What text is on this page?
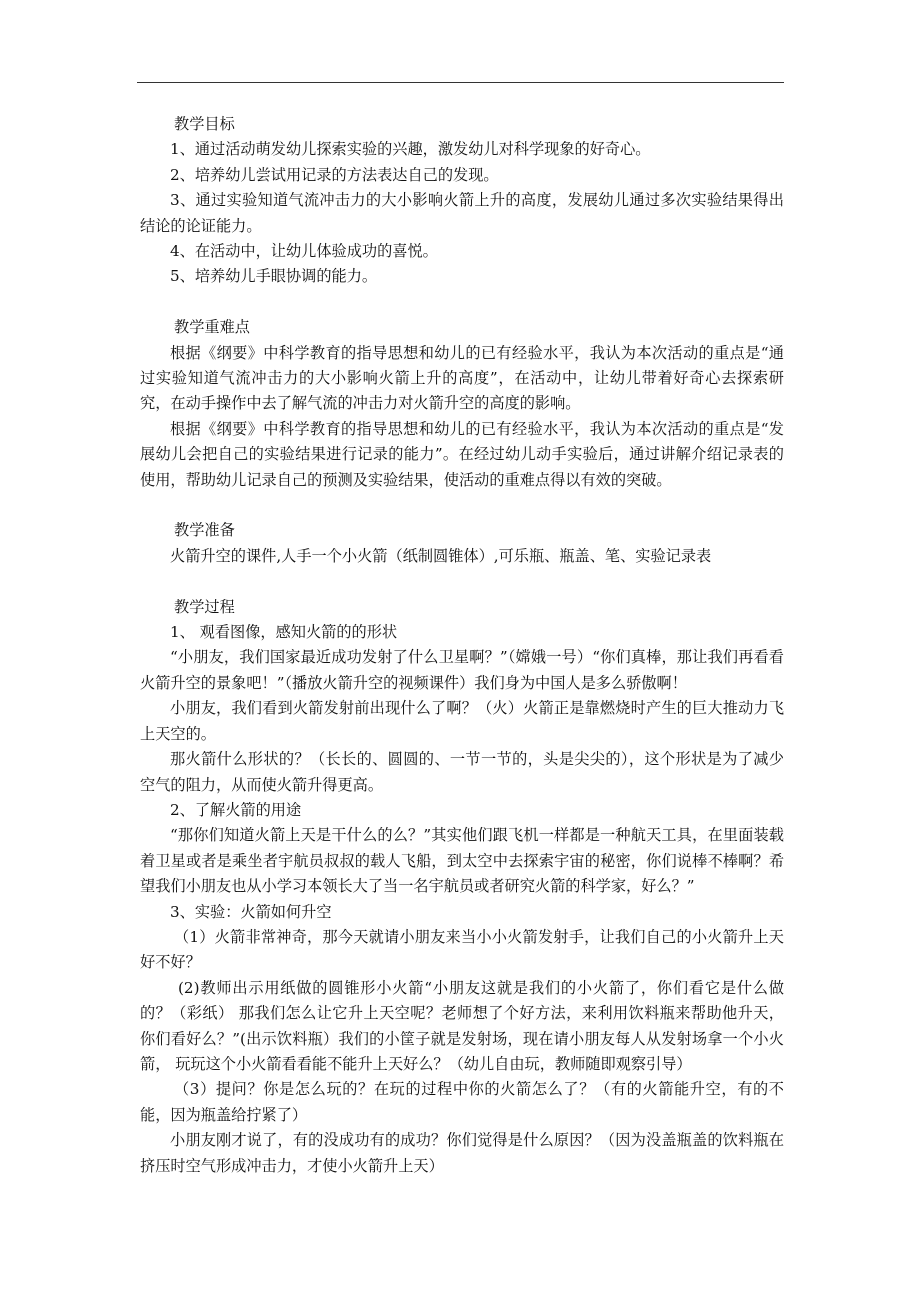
教学目标
1、通过活动萌发幼儿探索实验的兴趣，激发幼儿对科学现象的好奇心。
2、培养幼儿尝试用记录的方法表达自己的发现。
3、通过实验知道气流冲击力的大小影响火箭上升的高度，发展幼儿通过多次实验结果得出结论的论证能力。
4、在活动中，让幼儿体验成功的喜悦。
5、培养幼儿手眼协调的能力。
教学重难点
根据《纲要》中科学教育的指导思想和幼儿的已有经验水平，我认为本次活动的重点是“通过实验知道气流冲击力的大小影响火箭上升的高度”，在活动中，让幼儿带着好奇心去探索研究，在动手操作中去了解气流的冲击力对火箭升空的高度的影响。
根据《纲要》中科学教育的指导思想和幼儿的已有经验水平，我认为本次活动的重点是“发展幼儿会把自己的实验结果进行记录的能力”。在经过幼儿动手实验后，通过讲解介绍记录表的使用，帮助幼儿记录自己的预测及实验结果，使活动的重难点得以有效的突破。
教学准备
火箭升空的课件,人手一个小火箭（纸制圆锥体）,可乐瓶、瓶盖、笔、实验记录表
教学过程
1、 观看图像，感知火箭的的形状
“小朋友，我们国家最近成功发射了什么卫星啊？”（嫦娥一号）“你们真棒，那让我们再看看火箭升空的景象吧！”（播放火箭升空的视频课件）我们身为中国人是多么骄傲啊！
小朋友，我们看到火箭发射前出现什么了啊？（火）火箭正是靠燃烧时产生的巨大推动力飞上天空的。
那火箭什么形状的？（长长的、圆圆的、一节一节的，头是尖尖的），这个形状是为了减少空气的阻力，从而使火箭升得更高。
2、了解火箭的用途
“那你们知道火箭上天是干什么的么？”其实他们跟飞机一样都是一种航天工具，在里面装载着卫星或者是乘坐者宇航员叔叔的载人飞船，到太空中去探索宇宙的秘密，你们说棒不棒啊？希望我们小朋友也从小学习本领长大了当一名宇航员或者研究火箭的科学家，好么？”
3、实验：火箭如何升空
（1）火箭非常神奇，那今天就请小朋友来当小小火箭发射手，让我们自己的小火箭升上天好不好？
(2)教师出示用纸做的圆锥形小火箭“小朋友这就是我们的小火箭了，你们看它是什么做的？（彩纸） 那我们怎么让它升上天空呢？老师想了个好方法，来利用饮料瓶来帮助他升天， 你们看好么？”(出示饮料瓶）我们的小筐子就是发射场，现在请小朋友每人从发射场拿一个小火箭， 玩玩这个小火箭看看能不能升上天好么？（幼儿自由玩，教师随即观察引导）
（3）提问？你是怎么玩的？在玩的过程中你的火箭怎么了？（有的火箭能升空，有的不能，因为瓶盖给拧紧了）
小朋友刚才说了，有的没成功有的成功？你们觉得是什么原因？（因为没盖瓶盖的饮料瓶在挤压时空气形成冲击力，才使小火箭升上天）
